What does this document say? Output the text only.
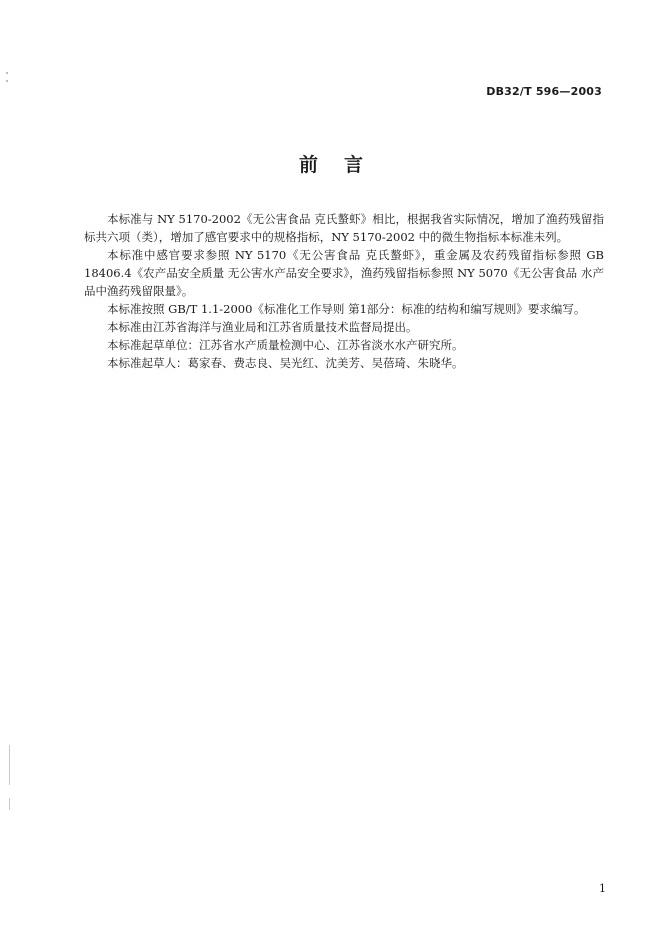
DB32/T 596—2003
前言

本标准与 NY 5170-2002《无公害食品 克氏螯虾》相比，根据我省实际情况，增加了渔药残留指标共六项（类），增加了感官要求中的规格指标，NY 5170-2002 中的微生物指标本标准未列。

本标准中感官要求参照 NY 5170《无公害食品 克氏螯虾》，重金属及农药残留指标参照 GB 18406.4《农产品安全质量 无公害水产品安全要求》，渔药残留指标参照 NY 5070《无公害食品 水产品中渔药残留限量》。

本标准按照 GB/T 1.1-2000《标准化工作导则 第1部分：标准的结构和编写规则》要求编写。

本标准由江苏省海洋与渔业局和江苏省质量技术监督局提出。

本标准起草单位：江苏省水产质量检测中心、江苏省淡水水产研究所。

本标准起草人：葛家春、费志良、吴光红、沈美芳、吴蓓琦、朱晓华。

1
